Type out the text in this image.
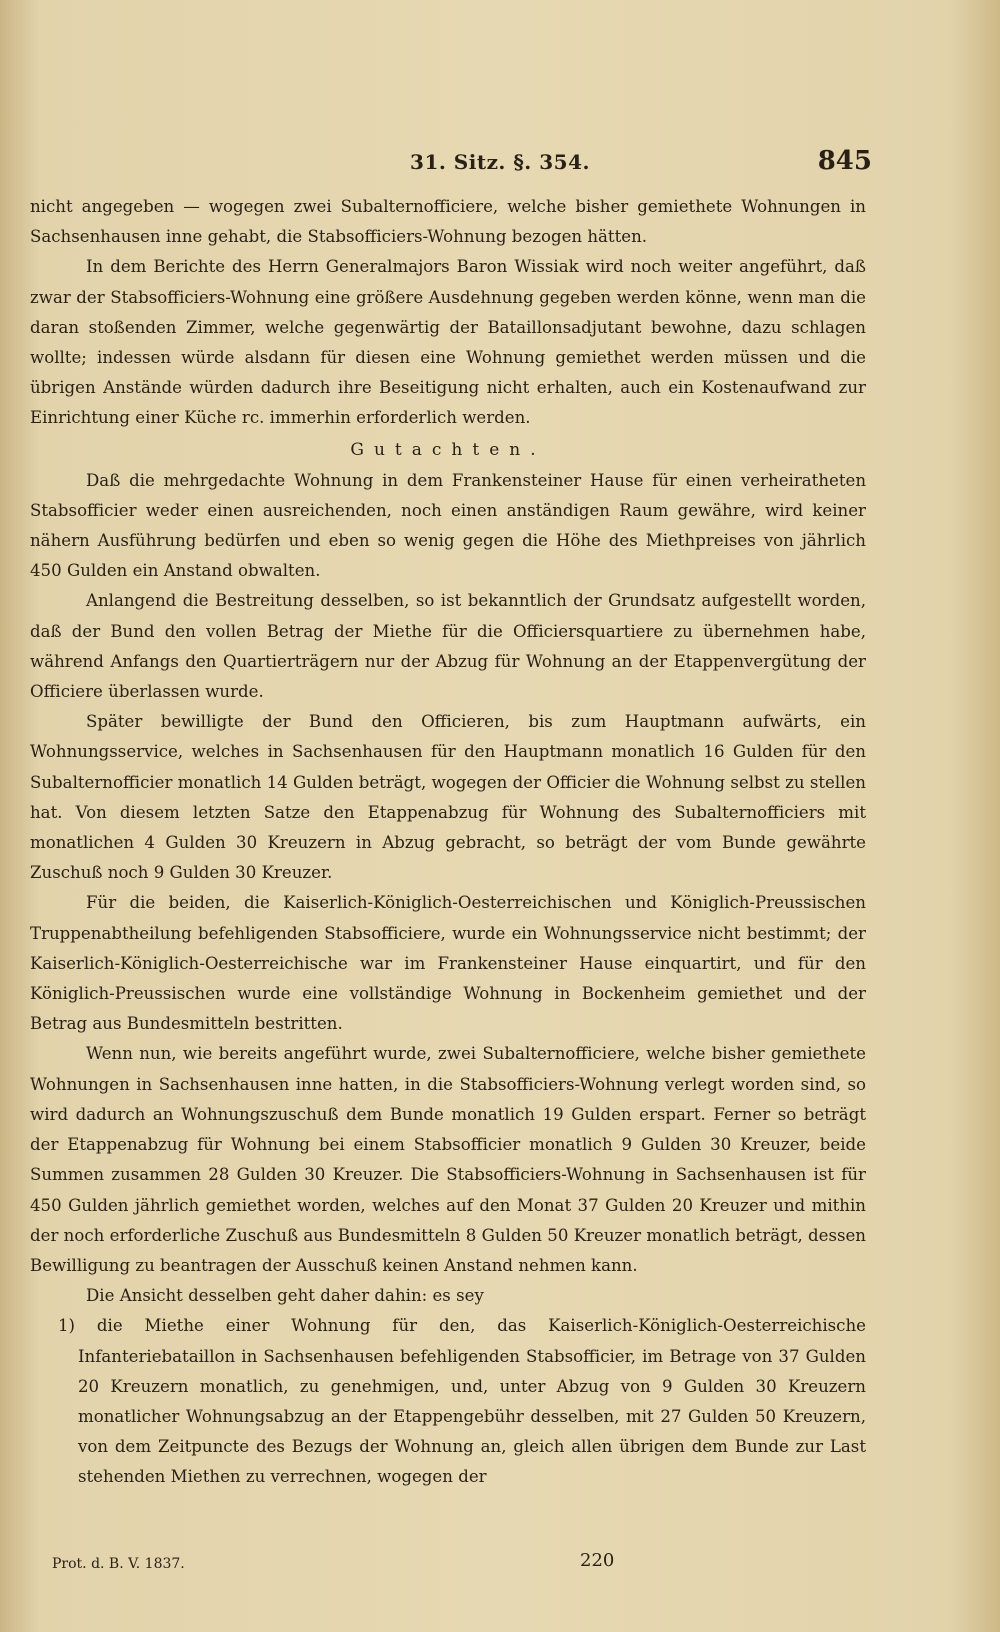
31. Sitz. §. 354.	845

nicht angegeben — wogegen zwei Subalternofficiere, welche bisher gemiethete Wohnungen in Sachsenhausen inne gehabt, die Stabsofficiers-Wohnung bezogen hätten.

In dem Berichte des Herrn Generalmajors Baron Wissiak wird noch weiter angeführt, daß zwar der Stabsofficiers-Wohnung eine größere Ausdehnung gegeben werden könne, wenn man die daran stoßenden Zimmer, welche gegenwärtig der Bataillonsadjutant bewohne, dazu schlagen wollte; indessen würde alsdann für diesen eine Wohnung gemiethet werden müssen und die übrigen Anstände würden dadurch ihre Beseitigung nicht erhalten, auch ein Kostenaufwand zur Einrichtung einer Küche rc. immerhin erforderlich werden.

Gutachten.

Daß die mehrgedachte Wohnung in dem Frankensteiner Hause für einen verheiratheten Stabsofficier weder einen ausreichenden, noch einen anständigen Raum gewähre, wird keiner nähern Ausführung bedürfen und eben so wenig gegen die Höhe des Miethpreises von jährlich 450 Gulden ein Anstand obwalten.

Anlangend die Bestreitung desselben, so ist bekanntlich der Grundsatz aufgestellt worden, daß der Bund den vollen Betrag der Miethe für die Officiersquartiere zu übernehmen habe, während Anfangs den Quartierträgern nur der Abzug für Wohnung an der Etappenvergütung der Officiere überlassen wurde.

Später bewilligte der Bund den Officieren, bis zum Hauptmann aufwärts, ein Wohnungsservice, welches in Sachsenhausen für den Hauptmann monatlich 16 Gulden für den Subalternofficier monatlich 14 Gulden beträgt, wogegen der Officier die Wohnung selbst zu stellen hat. Von diesem letzten Satze den Etappenabzug für Wohnung des Subalternofficiers mit monatlichen 4 Gulden 30 Kreuzern in Abzug gebracht, so beträgt der vom Bunde gewährte Zuschuß noch 9 Gulden 30 Kreuzer.

Für die beiden, die Kaiserlich-Königlich-Oesterreichischen und Königlich-Preussischen Truppenabtheilung befehligenden Stabsofficiere, wurde ein Wohnungsservice nicht bestimmt; der Kaiserlich-Königlich-Oesterreichische war im Frankensteiner Hause einquartirt, und für den Königlich-Preussischen wurde eine vollständige Wohnung in Bockenheim gemiethet und der Betrag aus Bundesmitteln bestritten.

Wenn nun, wie bereits angeführt wurde, zwei Subalternofficiere, welche bisher gemiethete Wohnungen in Sachsenhausen inne hatten, in die Stabsofficiers-Wohnung verlegt worden sind, so wird dadurch an Wohnungszuschuß dem Bunde monatlich 19 Gulden erspart. Ferner so beträgt der Etappenabzug für Wohnung bei einem Stabsofficier monatlich 9 Gulden 30 Kreuzer, beide Summen zusammen 28 Gulden 30 Kreuzer. Die Stabsofficiers-Wohnung in Sachsenhausen ist für 450 Gulden jährlich gemiethet worden, welches auf den Monat 37 Gulden 20 Kreuzer und mithin der noch erforderliche Zuschuß aus Bundesmitteln 8 Gulden 50 Kreuzer monatlich beträgt, dessen Bewilligung zu beantragen der Ausschuß keinen Anstand nehmen kann.

Die Ansicht desselben geht daher dahin: es sey

1) die Miethe einer Wohnung für den, das Kaiserlich-Königlich-Oesterreichische Infanteriebataillon in Sachsenhausen befehligenden Stabsofficier, im Betrage von 37 Gulden 20 Kreuzern monatlich, zu genehmigen, und, unter Abzug von 9 Gulden 30 Kreuzern monatlicher Wohnungsabzug an der Etappengebühr desselben, mit 27 Gulden 50 Kreuzern, von dem Zeitpuncte des Bezugs der Wohnung an, gleich allen übrigen dem Bunde zur Last stehenden Miethen zu verrechnen, wogegen der

Prot. d. B. V. 1837.	220
